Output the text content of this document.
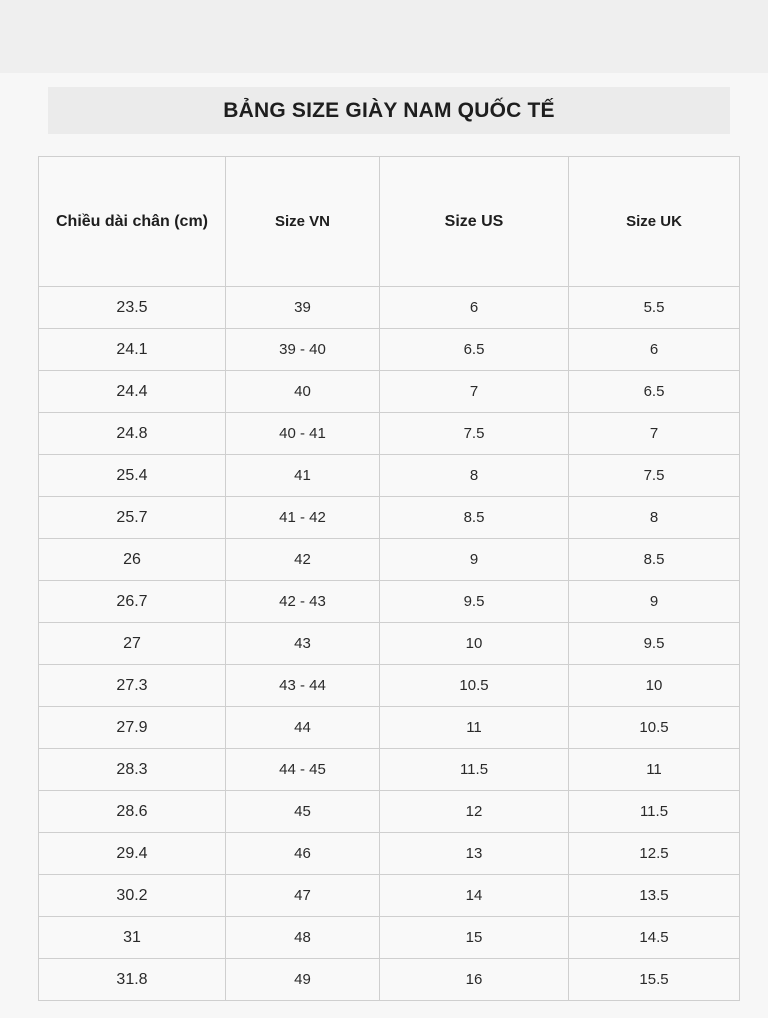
BẢNG SIZE GIÀY NAM QUỐC TẾ
Chiều dài chân (cm)	Size VN	Size US	Size UK
23.5	39	6	5.5
24.1	39 - 40	6.5	6
24.4	40	7	6.5
24.8	40 - 41	7.5	7
25.4	41	8	7.5
25.7	41 - 42	8.5	8
26	42	9	8.5
26.7	42 - 43	9.5	9
27	43	10	9.5
27.3	43 - 44	10.5	10
27.9	44	11	10.5
28.3	44 - 45	11.5	11
28.6	45	12	11.5
29.4	46	13	12.5
30.2	47	14	13.5
31	48	15	14.5
31.8	49	16	15.5
